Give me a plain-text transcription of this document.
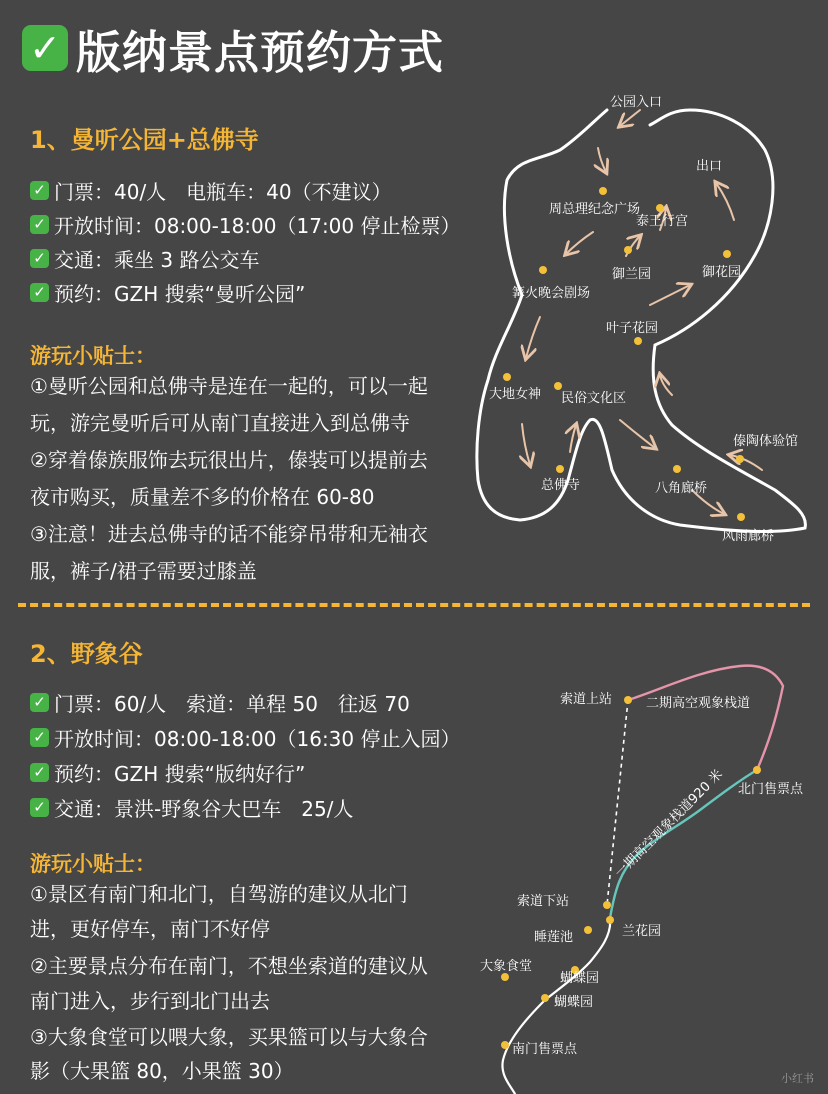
✓ 版纳景点预约方式
1、曼听公园+总佛寺
✓ 门票：40/人　电瓶车：40（不建议）
✓ 开放时间：08:00-18:00（17:00 停止检票）
✓ 交通：乘坐 3 路公交车
✓ 预约：GZH 搜索“曼听公园”
游玩小贴士：
①曼听公园和总佛寺是连在一起的，可以一起
玩，游完曼听后可从南门直接进入到总佛寺
②穿着傣族服饰去玩很出片，傣装可以提前去
夜市购买，质量差不多的价格在 60-80
③注意！进去总佛寺的话不能穿吊带和无袖衣
服，裤子/裙子需要过膝盖
公园入口
出口
周总理纪念广场
泰王行宫
御兰园	御花园
篝火晚会剧场
叶子花园
大地女神 民俗文化区
傣陶体验馆
总佛寺	八角廊桥
风雨廊桥
2、野象谷
✓ 门票：60/人　索道：单程 50　往返 70
✓ 开放时间：08:00-18:00（16:30 停止入园）
✓ 预约：GZH 搜索“版纳好行”
✓ 交通：景洪-野象谷大巴车　25/人
游玩小贴士：
①景区有南门和北门，自驾游的建议从北门
进，更好停车，南门不好停
②主要景点分布在南门，不想坐索道的建议从
南门进入，步行到北门出去
③大象食堂可以喂大象，买果篮可以与大象合
影（大果篮 80，小果篮 30）
索道上站	二期高空观象栈道
北门售票点
一期高空观象栈道920 米
索道下站
兰花园
睡莲池
大象食堂
蝴蝶园
蝴蝶园
南门售票点
小红书
